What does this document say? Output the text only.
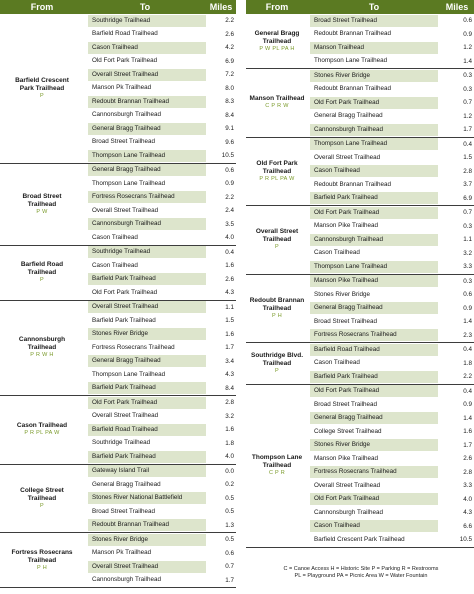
From	To	Miles
Barfield Crescent
Park Trailhead
P
Southridge Trailhead	2.2
Barfield Road Trailhead	2.6
Cason Trailhead	4.2
Old Fort Park Trailhead	6.9
Overall Street Trailhead	7.2
Manson Pk Trailhead	8.0
Redoubt Brannan Trailhead	8.3
Cannonsburgh Trailhead	8.4
General Bragg Trailhead	9.1
Broad Street Trailhead	9.6
Thompson Lane Trailhead	10.5
Broad Street
Trailhead
P W
General Bragg Trailhead	0.6
Thompson Lane Trailhead	0.9
Fortress Rosecrans Trailhead	2.2
Overall Street Trailhead	2.4
Cannonsburgh Trailhead	3.5
Cason Trailhead	4.0
Barfield Road
Trailhead
P
Southridge Trailhead	0.4
Cason Trailhead	1.6
Barfield Park Trailhead	2.6
Old Fort Park Trailhead	4.3
Cannonsburgh
Trailhead
P R W H
Overall Street Trailhead	1.1
Barfield Park Trailhead	1.5
Stones River Bridge	1.6
Fortress Rosecrans Trailhead	1.7
General Bragg Trailhead	3.4
Thompson Lane Trailhead	4.3
Barfield Park Trailhead	8.4
Cason Trailhead
P R PL PA W
Old Fort Park Trailhead	2.8
Overall Street Trailhead	3.2
Barfield Road Trailhead	1.6
Southridge Trailhead	1.8
Barfield Park Trailhead	4.0
College Street
Trailhead
P
Gateway Island Trail	0.0
General Bragg Trailhead	0.2
Stones River National Battlefield	0.5
Broad Street Trailhead	0.5
Redoubt Brannan Trailhead	1.3
Fortress Rosecrans
Trailhead
P H
Stones River Bridge	0.5
Manson Pk Trailhead	0.6
Overall Street Trailhead	0.7
Cannonsburgh Trailhead	1.7
From	To	Miles
General Bragg
Trailhead
P W PL PA H
Broad Street Trailhead	0.6
Redoubt Brannan Trailhead	0.9
Manson Trailhead	1.2
Thompson Lane Trailhead	1.4
Manson Trailhead
C P R W
Stones River Bridge	0.3
Redoubt Brannan Trailhead	0.3
Old Fort Park Trailhead	0.7
General Bragg Trailhead	1.2
Cannonsburgh Trailhead	1.7
Old Fort Park
Trailhead
P R PL PA W
Thompson Lane Trailhead	0.4
Overall Street Trailhead	1.5
Cason Trailhead	2.8
Redoubt Brannan Trailhead	3.7
Barfield Park Trailhead	6.9
Overall Street
Trailhead
P
Old Fort Park Trailhead	0.7
Manson Pike Trailhead	0.3
Cannonsburgh Trailhead	1.1
Cason Trailhead	3.2
Thompson Lane Trailhead	3.3
Redoubt Brannan
Trailhead
P H
Manson Pike Trailhead	0.3
Stones River Bridge	0.6
General Bragg Trailhead	0.9
Broad Street Trailhead	1.4
Fortress Rosecrans Trailhead	2.3
Southridge Blvd.
Trailhead
P
Barfield Road Trailhead	0.4
Cason Trailhead	1.8
Barfield Park Trailhead	2.2
Thompson Lane
Trailhead
C P R
Old Fort Park Trailhead	0.4
Broad Street Trailhead	0.9
General Bragg Trailhead	1.4
College Street Trailhead	1.6
Stones River Bridge	1.7
Manson Pike Trailhead	2.6
Fortress Rosecrans Trailhead	2.8
Overall Street Trailhead	3.3
Old Fort Park Trailhead	4.0
Cannonsburgh Trailhead	4.3
Cason Trailhead	6.6
Barfield Crescent Park Trailhead	10.5
C = Canoe Access H = Historic Site P = Parking R = Restrooms
PL = Playground PA = Picnic Area W = Water Fountain
